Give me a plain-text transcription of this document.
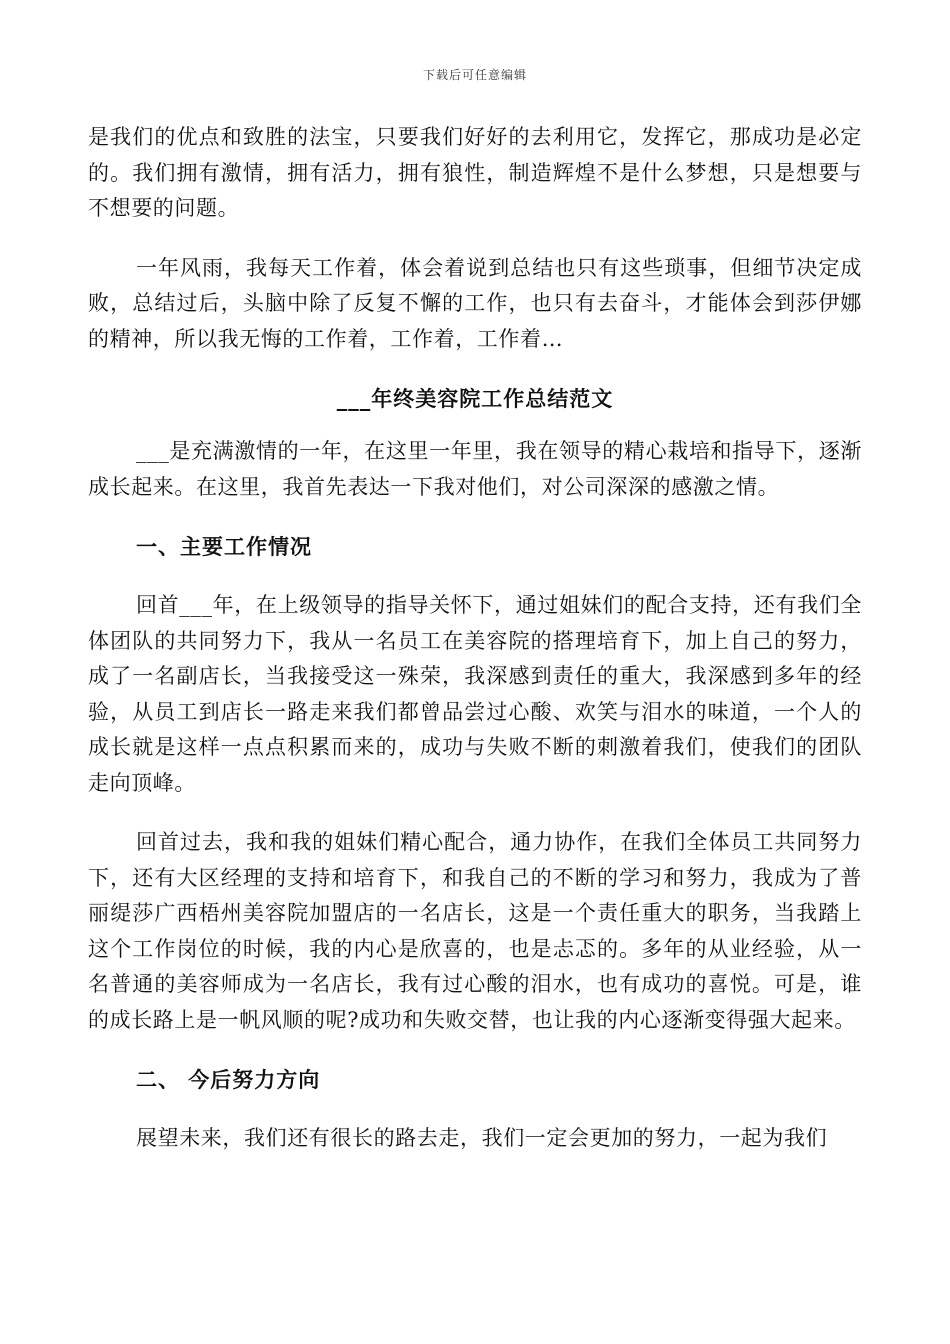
下载后可任意编辑

是我们的优点和致胜的法宝，只要我们好好的去利用它，发挥它，那成功是必定的。我们拥有激情，拥有活力，拥有狼性，制造辉煌不是什么梦想，只是想要与不想要的问题。

一年风雨，我每天工作着，体会着说到总结也只有这些琐事，但细节决定成败，总结过后，头脑中除了反复不懈的工作，也只有去奋斗，才能体会到莎伊娜的精神，所以我无悔的工作着，工作着，工作着…

___年终美容院工作总结范文

___是充满激情的一年，在这里一年里，我在领导的精心栽培和指导下，逐渐成长起来。在这里，我首先表达一下我对他们，对公司深深的感激之情。

一、主要工作情况

回首___年，在上级领导的指导关怀下，通过姐妹们的配合支持，还有我们全体团队的共同努力下，我从一名员工在美容院的搭理培育下，加上自己的努力，成了一名副店长，当我接受这一殊荣，我深感到责任的重大，我深感到多年的经验，从员工到店长一路走来我们都曾品尝过心酸、欢笑与泪水的味道，一个人的成长就是这样一点点积累而来的，成功与失败不断的刺激着我们，使我们的团队走向顶峰。

回首过去，我和我的姐妹们精心配合，通力协作，在我们全体员工共同努力下，还有大区经理的支持和培育下，和我自己的不断的学习和努力，我成为了普丽缇莎广西梧州美容院加盟店的一名店长，这是一个责任重大的职务，当我踏上这个工作岗位的时候，我的内心是欣喜的，也是忐忑的。多年的从业经验，从一名普通的美容师成为一名店长，我有过心酸的泪水，也有成功的喜悦。可是，谁的成长路上是一帆风顺的呢?成功和失败交替，也让我的内心逐渐变得强大起来。

二、 今后努力方向

展望未来，我们还有很长的路去走，我们一定会更加的努力，一起为我们
